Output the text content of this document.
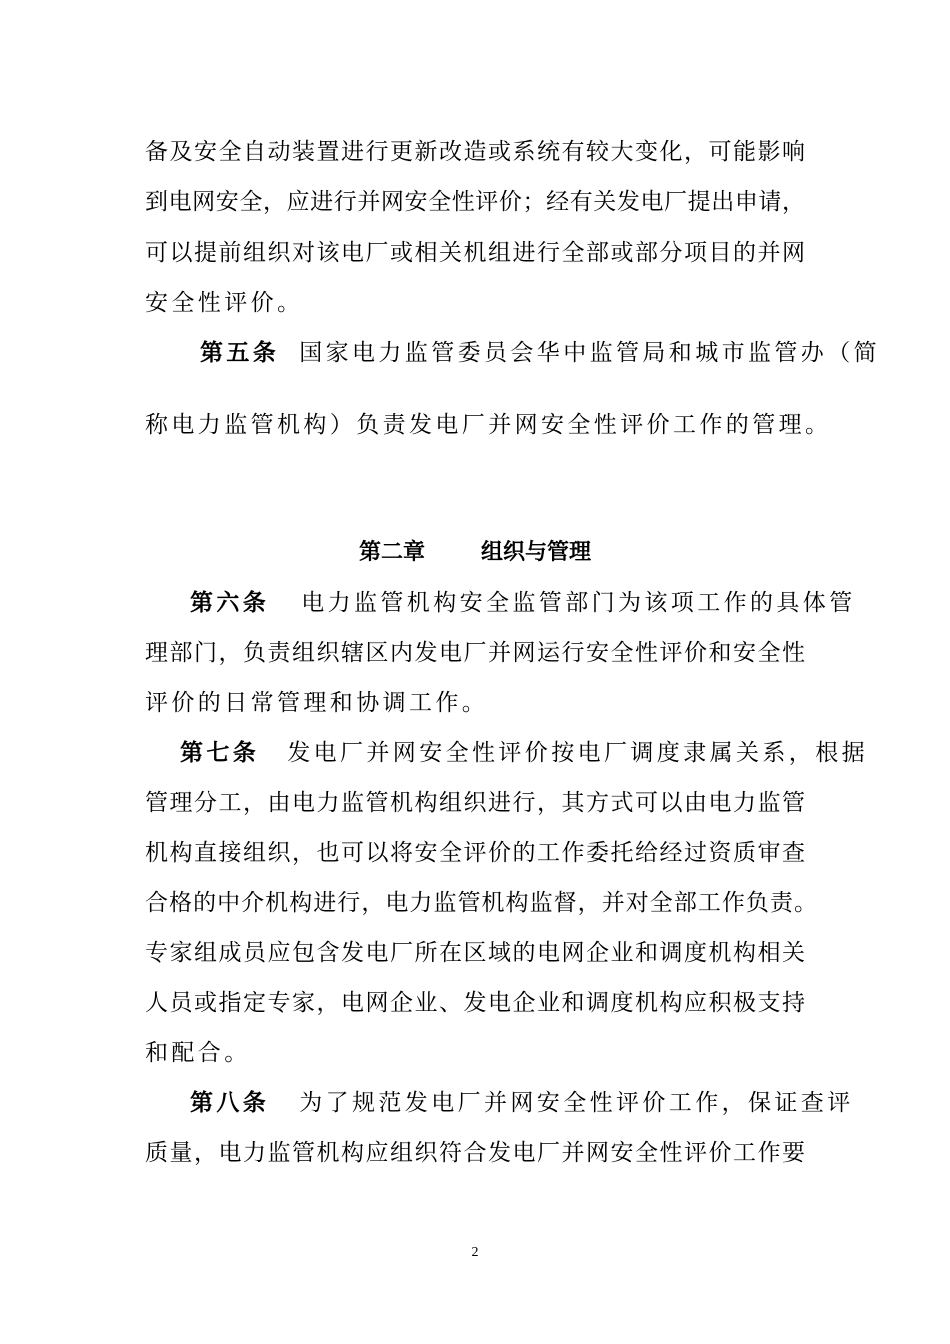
备及安全自动装置进行更新改造或系统有较大变化，可能影响

到电网安全，应进行并网安全性评价；经有关发电厂提出申请，

可以提前组织对该电厂或相关机组进行全部或部分项目的并网

安全性评价。

第五条 国家电力监管委员会华中监管局和城市监管办（简

称电力监管机构）负责发电厂并网安全性评价工作的管理。

第二章	组织与管理

第六条 电力监管机构安全监管部门为该项工作的具体管

理部门，负责组织辖区内发电厂并网运行安全性评价和安全性

评价的日常管理和协调工作。

第七条 发电厂并网安全性评价按电厂调度隶属关系，根据

管理分工，由电力监管机构组织进行，其方式可以由电力监管

机构直接组织，也可以将安全评价的工作委托给经过资质审查

合格的中介机构进行，电力监管机构监督，并对全部工作负责。

专家组成员应包含发电厂所在区域的电网企业和调度机构相关

人员或指定专家，电网企业、发电企业和调度机构应积极支持

和配合。

第八条 为了规范发电厂并网安全性评价工作，保证查评

质量，电力监管机构应组织符合发电厂并网安全性评价工作要

2
